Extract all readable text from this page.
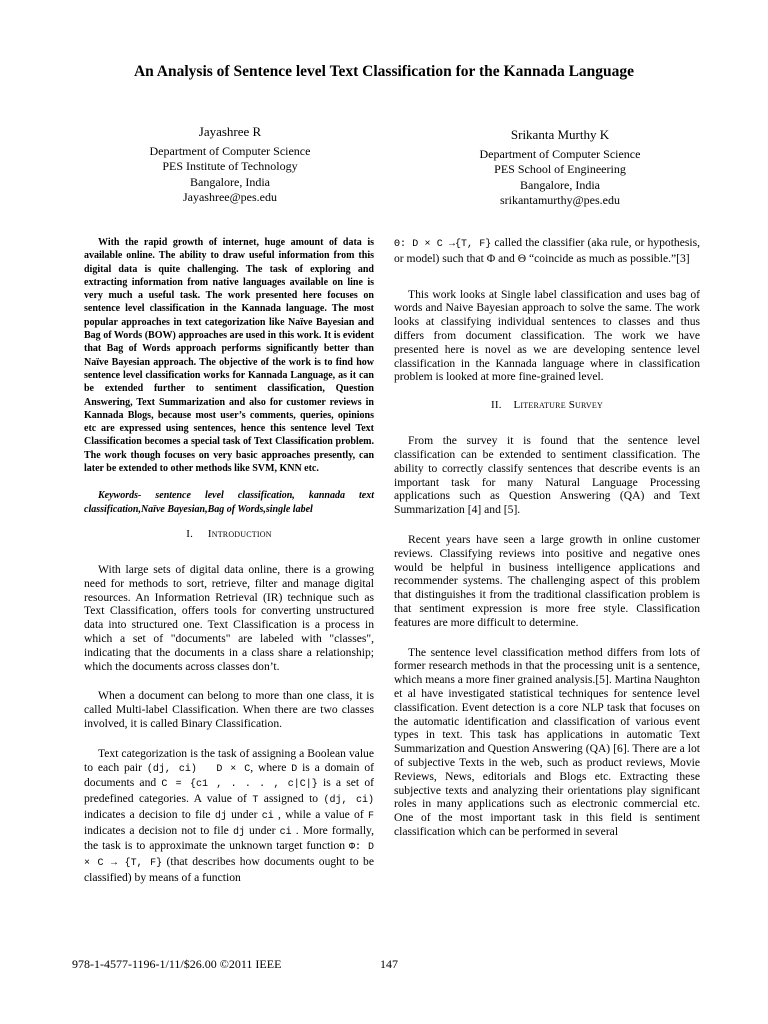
An Analysis of Sentence level Text Classification for the Kannada Language
Jayashree R
Department of Computer Science
PES Institute of Technology
Bangalore, India
Jayashree@pes.edu
Srikanta Murthy K
Department of Computer Science
PES School of Engineering
Bangalore, India
srikantamurthy@pes.edu

With the rapid growth of internet, huge amount of data is available online. The ability to draw useful information from this digital data is quite challenging. The task of exploring and extracting information from native languages available on line is very much a useful task. The work presented here focuses on sentence level classification in the Kannada language. The most popular approaches in text categorization like Naïve Bayesian and Bag of Words (BOW) approaches are used in this work. It is evident that Bag of Words approach performs significantly better than Naïve Bayesian approach. The objective of the work is to find how sentence level classification works for Kannada Language, as it can be extended further to sentiment classification, Question Answering, Text Summarization and also for customer reviews in Kannada Blogs, because most user’s comments, queries, opinions etc are expressed using sentences, hence this sentence level Text Classification becomes a special task of Text Classification problem. The work though focuses on very basic approaches presently, can later be extended to other methods like SVM, KNN etc.

Keywords- sentence level classification, kannada text classification,Naïve Bayesian,Bag of Words,single label

I. Introduction

With large sets of digital data online, there is a growing need for methods to sort, retrieve, filter and manage digital resources. An Information Retrieval (IR) technique such as Text Classification, offers tools for converting unstructured data into structured one. Text Classification is a process in which a set of "documents" are labeled with "classes", indicating that the documents in a class share a relationship; which the documents across classes don’t.

When a document can belong to more than one class, it is called Multi-label Classification. When there are two classes involved, it is called Binary Classification.

Text categorization is the task of assigning a Boolean value to each pair (dj, ci) D × C, where D is a domain of documents and C = {c1 , . . . , c|C|} is a set of predefined categories. A value of T assigned to (dj, ci) indicates a decision to file dj under ci , while a value of F indicates a decision not to file dj under ci . More formally, the task is to approximate the unknown target function Φ: D × C → {T, F} (that describes how documents ought to be classified) by means of a function

Θ: D × C →{T, F} called the classifier (aka rule, or hypothesis, or model) such that Φ and Θ “coincide as much as possible.”[3]

This work looks at Single label classification and uses bag of words and Naive Bayesian approach to solve the same. The work looks at classifying individual sentences to classes and thus differs from document classification. The work we have presented here is novel as we are developing sentence level classification in the Kannada language where in classification problem is looked at more fine-grained level.

II. Literature Survey

From the survey it is found that the sentence level classification can be extended to sentiment classification. The ability to correctly classify sentences that describe events is an important task for many Natural Language Processing applications such as Question Answering (QA) and Text Summarization [4] and [5].

Recent years have seen a large growth in online customer reviews. Classifying reviews into positive and negative ones would be helpful in business intelligence applications and recommender systems. The challenging aspect of this problem that distinguishes it from the traditional classification problem is that sentiment expression is more free style. Classification features are more difficult to determine.

The sentence level classification method differs from lots of former research methods in that the processing unit is a sentence, which means a more finer grained analysis.[5]. Martina Naughton et al have investigated statistical techniques for sentence level classification. Event detection is a core NLP task that focuses on the automatic identification and classification of various event types in text. This task has applications in automatic Text Summarization and Question Answering (QA) [6]. There are a lot of subjective Texts in the web, such as product reviews, Movie Reviews, News, editorials and Blogs etc. Extracting these subjective texts and analyzing their orientations play significant roles in many applications such as electronic commercial etc. One of the most important task in this field is sentiment classification which can be performed in several

978-1-4577-1196-1/11/$26.00 ©2011 IEEE	147
